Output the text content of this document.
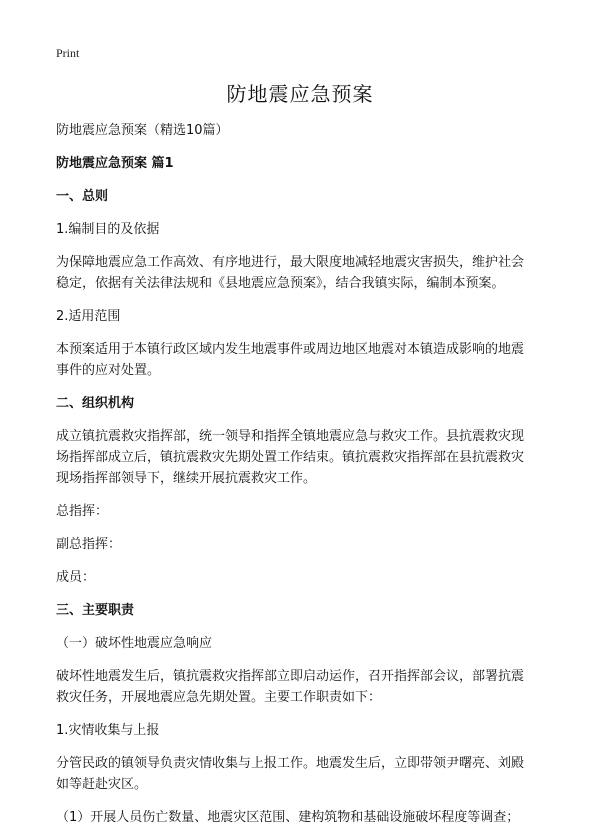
Print
防地震应急预案

防地震应急预案（精选10篇）

防地震应急预案 篇1

一、总则

1.编制目的及依据

为保障地震应急工作高效、有序地进行，最大限度地减轻地震灾害损失，维护社会

稳定，依据有关法律法规和《县地震应急预案》，结合我镇实际，编制本预案。

2.适用范围

本预案适用于本镇行政区域内发生地震事件或周边地区地震对本镇造成影响的地震

事件的应对处置。

二、组织机构

成立镇抗震救灾指挥部，统一领导和指挥全镇地震应急与救灾工作。县抗震救灾现

场指挥部成立后，镇抗震救灾先期处置工作结束。镇抗震救灾指挥部在县抗震救灾

现场指挥部领导下，继续开展抗震救灾工作。

总指挥：

副总指挥：

成员：

三、主要职责

（一）破坏性地震应急响应

破坏性地震发生后，镇抗震救灾指挥部立即启动运作，召开指挥部会议，部署抗震

救灾任务，开展地震应急先期处置。主要工作职责如下：

1.灾情收集与上报

分管民政的镇领导负责灾情收集与上报工作。地震发生后，立即带领尹曙亮、刘殿

如等赶赴灾区。

（1）开展人员伤亡数量、地震灾区范围、建构筑物和基础设施破坏程度等调查；
